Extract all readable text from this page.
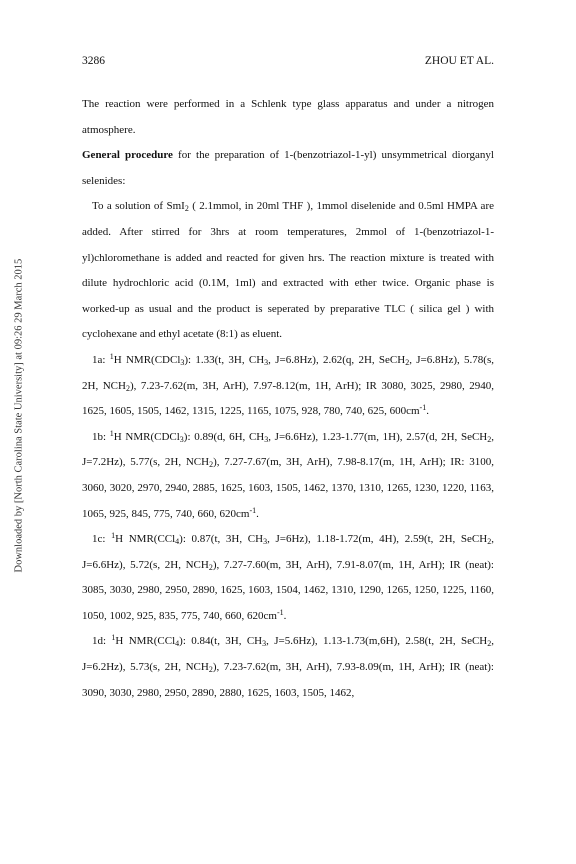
Downloaded by [North Carolina State University] at 09:26 29 March 2015
3286	ZHOU ET AL.

The reaction were performed in a Schlenk type glass apparatus and under a nitrogen atmosphere.

General procedure for the preparation of 1-(benzotriazol-1-yl) unsymmetrical diorganyl selenides:

To a solution of SmI$_2$ ( 2.1mmol, in 20ml THF ), 1mmol diselenide and 0.5ml HMPA are added. After stirred for 3hrs at room temperatures, 2mmol of 1-(benzotriazol-1-yl)chloromethane is added and reacted for given hrs. The reaction mixture is treated with dilute hydrochloric acid (0.1M, 1ml) and extracted with ether twice. Organic phase is worked-up as usual and the product is seperated by preparative TLC ( silica gel ) with cyclohexane and ethyl acetate (8:1) as eluent.

1a: $^1$H NMR(CDCl$_3$): 1.33(t, 3H, $CH_3$, J=6.8Hz), 2.62(q, 2H, SeCH$_2$, J=6.8Hz), 5.78(s, 2H, $NCH_2$), 7.23-7.62(m, 3H, ArH), 7.97-8.12(m, 1H, ArH); IR 3080, 3025, 2980, 2940, 1625, 1605, 1505, 1462, 1315, 1225, 1165, 1075, 928, 780, 740, 625, $600cm^{-1}$.

1b: $^1$H NMR(CDCl$_3$): 0.89(d, 6H, $CH_3$, J=6.6Hz), 1.23-1.77(m, 1H), 2.57(d, 2H, SeCH$_2$, J=7.2Hz), 5.77(s, 2H, $NCH_2$), 7.27-7.67(m, 3H, ArH), 7.98-8.17(m, 1H, ArH); IR: 3100, 3060, 3020, 2970, 2940, 2885, 1625, 1603, 1505, 1462, 1370, 1310, 1265, 1230, 1220, 1163, 1065, 925, 845, 775, 740, 660, $620cm^{-1}$.

1c: $^1$H NMR(CCl$_4$): 0.87(t, 3H, $CH_3$, J=6Hz), 1.18-1.72(m, 4H), 2.59(t, 2H, SeCH$_2$, J=6.6Hz), 5.72(s, 2H, $NCH_2$), 7.27-7.60(m, 3H, ArH), 7.91-8.07(m, 1H, ArH); IR (neat): 3085, 3030, 2980, 2950, 2890, 1625, 1603, 1504, 1462, 1310, 1290, 1265, 1250, 1225, 1160, 1050, 1002, 925, 835, 775, 740, 660, $620cm^{-1}$.

1d: $^1$H NMR(CCl$_4$): 0.84(t, 3H, $CH_3$, J=5.6Hz), 1.13-1.73(m,6H), 2.58(t, 2H, SeCH$_2$, J=6.2Hz), 5.73(s, 2H, $NCH_2$), 7.23-7.62(m, 3H, ArH), 7.93-8.09(m, 1H, ArH); IR (neat): 3090, 3030, 2980, 2950, 2890, 2880, 1625, 1603, 1505, 1462,
